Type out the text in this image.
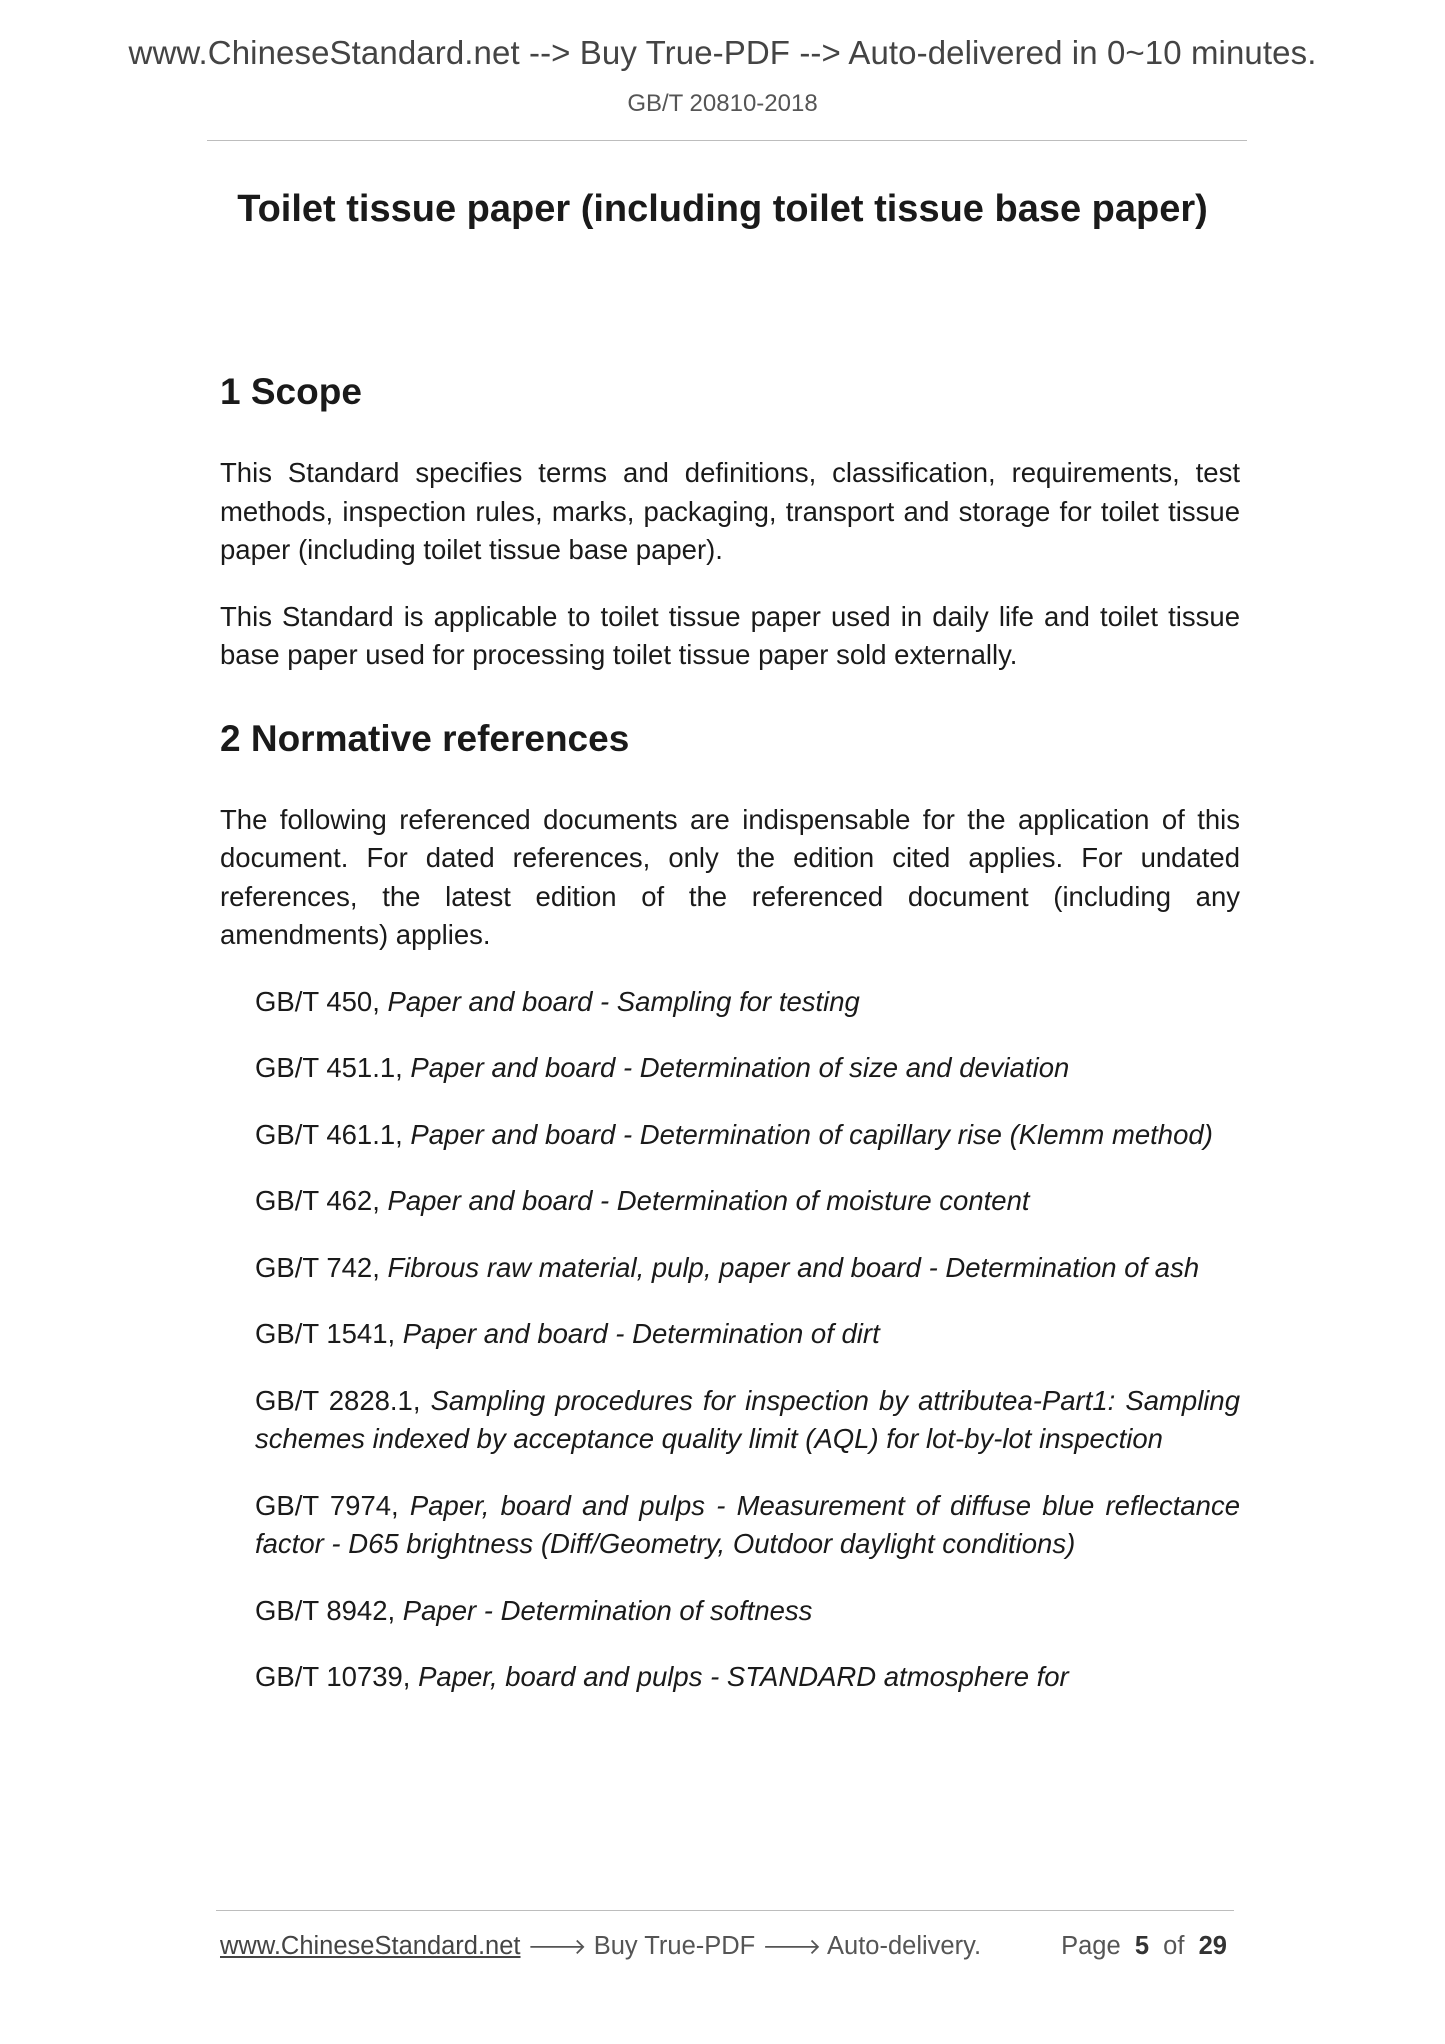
www.ChineseStandard.net --> Buy True-PDF --> Auto-delivered in 0~10 minutes.
GB/T 20810-2018
Toilet tissue paper (including toilet tissue base paper)
1 Scope

This Standard specifies terms and definitions, classification, requirements, test methods, inspection rules, marks, packaging, transport and storage for toilet tissue paper (including toilet tissue base paper).

This Standard is applicable to toilet tissue paper used in daily life and toilet tissue base paper used for processing toilet tissue paper sold externally.

2 Normative references

The following referenced documents are indispensable for the application of this document. For dated references, only the edition cited applies. For undated references, the latest edition of the referenced document (including any amendments) applies.

GB/T 450, Paper and board - Sampling for testing
GB/T 451.1, Paper and board - Determination of size and deviation
GB/T 461.1, Paper and board - Determination of capillary rise (Klemm method)
GB/T 462, Paper and board - Determination of moisture content
GB/T 742, Fibrous raw material, pulp, paper and board - Determination of ash
GB/T 1541, Paper and board - Determination of dirt
GB/T 2828.1, Sampling procedures for inspection by attributea-Part1: Sampling schemes indexed by acceptance quality limit (AQL) for lot-by-lot inspection
GB/T 7974, Paper, board and pulps - Measurement of diffuse blue reflectance factor - D65 brightness (Diff/Geometry, Outdoor daylight conditions)
GB/T 8942, Paper - Determination of softness
GB/T 10739, Paper, board and pulps - STANDARD atmosphere for
www.ChineseStandard.net 🡒 Buy True-PDF 🡒 Auto-delivery.	Page 5 of 29
